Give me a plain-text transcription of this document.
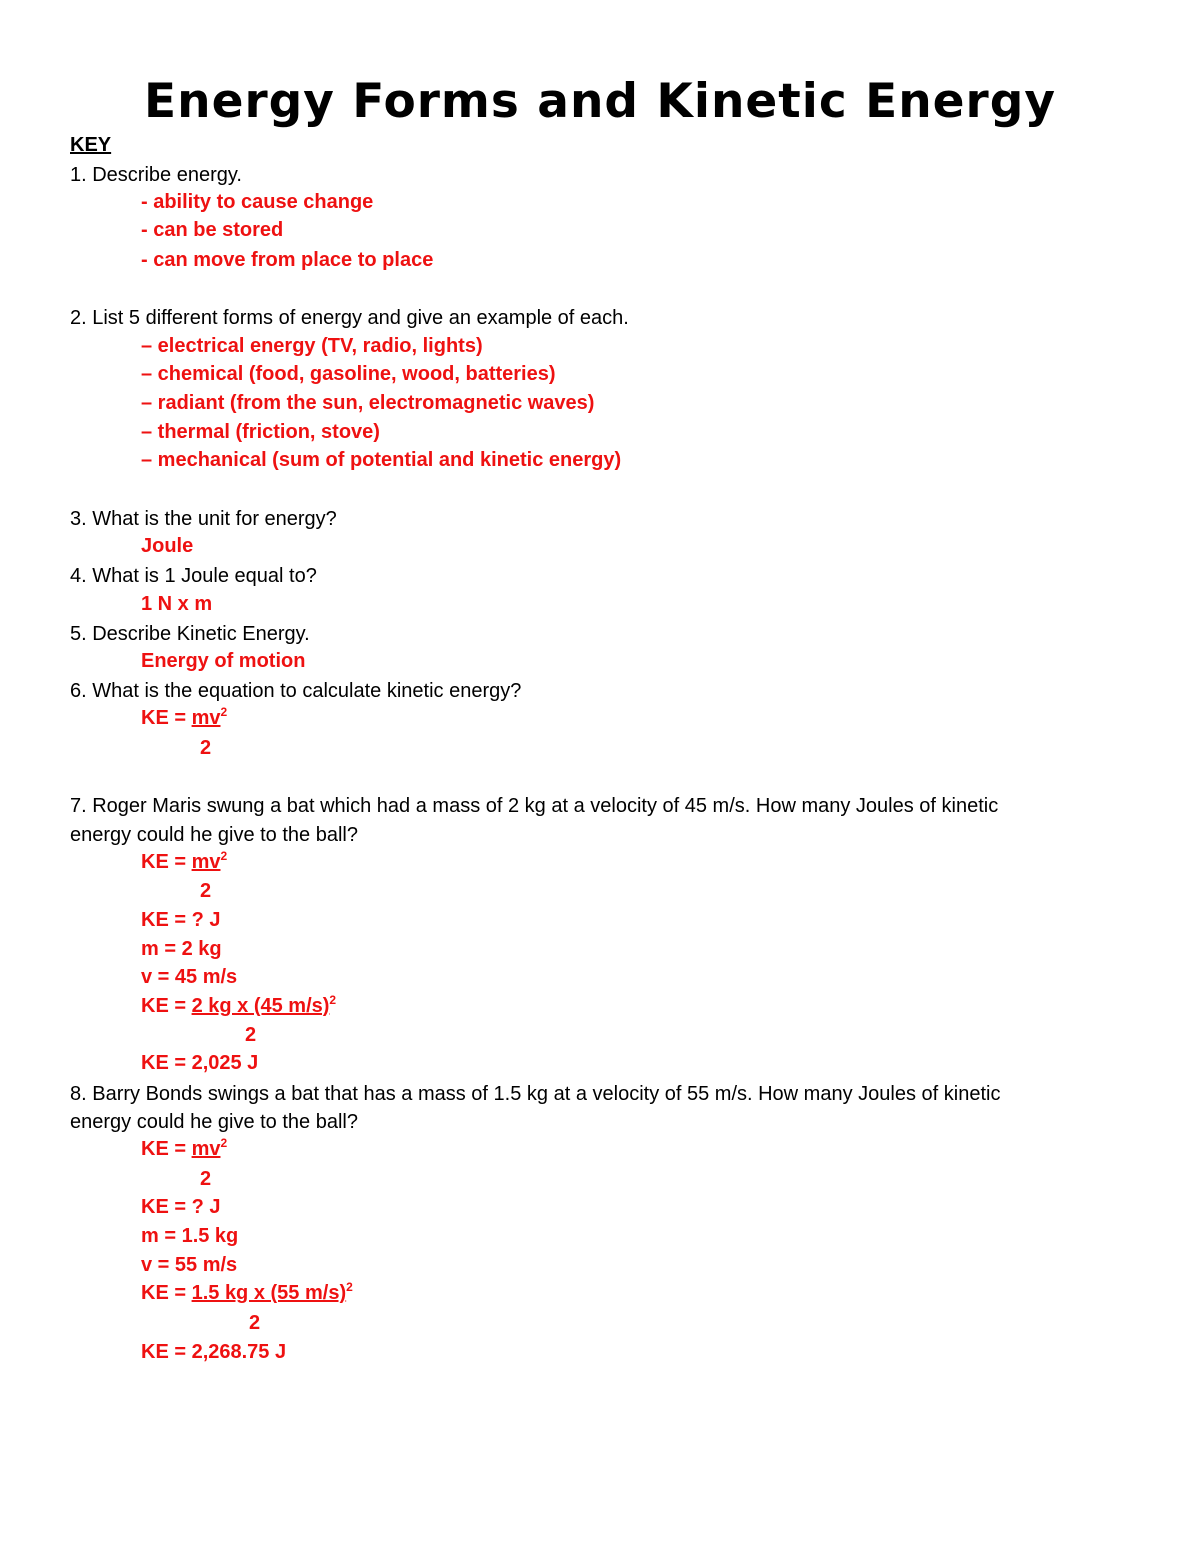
Energy Forms and Kinetic Energy
KEY
1. Describe energy.
- ability to cause change
- can be stored
- can move from place to place
2. List 5 different forms of energy and give an example of each.
– electrical energy (TV, radio, lights)
– chemical (food, gasoline, wood, batteries)
– radiant (from the sun, electromagnetic waves)
– thermal (friction, stove)
– mechanical (sum of potential and kinetic energy)
3. What is the unit for energy?
Joule
4. What is 1 Joule equal to?
1 N x m
5. Describe Kinetic Energy.
Energy of motion
6. What is the equation to calculate kinetic energy?
KE = $mv^2$
2
7. Roger Maris swung a bat which had a mass of 2 kg at a velocity of 45 m/s. How many Joules of kinetic
energy could he give to the ball?
KE = $mv^2$
2
KE = ? J
m = 2 kg
v = 45 m/s
KE = 2 kg x (45 m/s)$^2$
2
KE = 2,025 J
8. Barry Bonds swings a bat that has a mass of 1.5 kg at a velocity of 55 m/s. How many Joules of kinetic
energy could he give to the ball?
KE = $mv^2$
2
KE = ? J
m = 1.5 kg
v = 55 m/s
KE = 1.5 kg x (55 m/s)$^2$
2
KE = 2,268.75 J
